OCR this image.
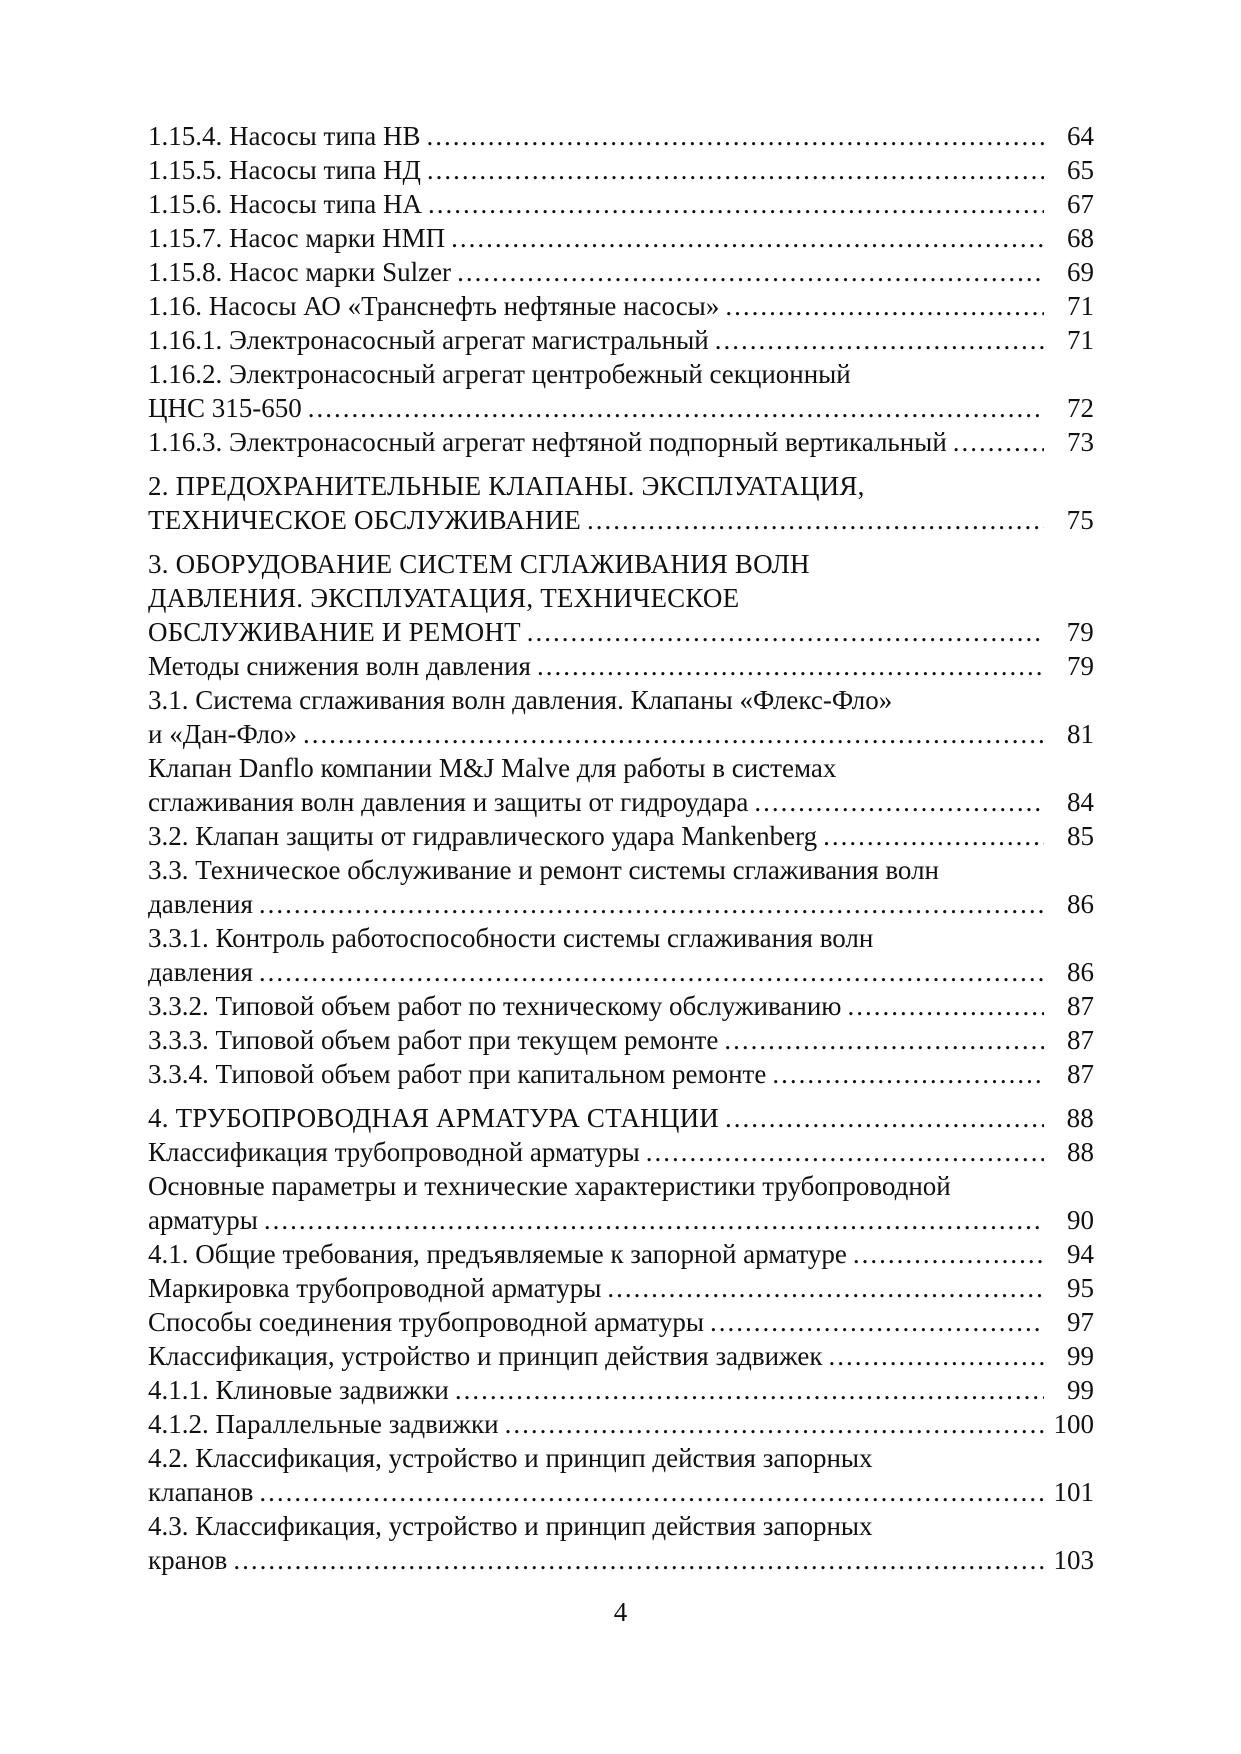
1.15.4. Насосы типа НВ .....	64
1.15.5. Насосы типа НД .....	65
1.15.6. Насосы типа НА .....	67
1.15.7. Насос марки НМП .....	68
1.15.8. Насос марки Sulzer .....	69
1.16. Насосы АО «Транснефть нефтяные насосы» .....	71
1.16.1. Электронасосный агрегат магистральный .....	71
1.16.2. Электронасосный агрегат центробежный секционный
ЦНС 315-650 .....	72
1.16.3. Электронасосный агрегат нефтяной подпорный вертикальный .....	73
2. ПРЕДОХРАНИТЕЛЬНЫЕ КЛАПАНЫ. ЭКСПЛУАТАЦИЯ,
ТЕХНИЧЕСКОЕ ОБСЛУЖИВАНИЕ .....	75
3. ОБОРУДОВАНИЕ СИСТЕМ СГЛАЖИВАНИЯ ВОЛН
ДАВЛЕНИЯ. ЭКСПЛУАТАЦИЯ, ТЕХНИЧЕСКОЕ
ОБСЛУЖИВАНИЕ И РЕМОНТ .....	79
Методы снижения волн давления .....	79
3.1. Система сглаживания волн давления. Клапаны «Флекс-Фло»
и «Дан-Фло» .....	81
Клапан Danflo компании M&J Malve для работы в системах
сглаживания волн давления и защиты от гидроудара .....	84
3.2. Клапан защиты от гидравлического удара Mankenberg .....	85
3.3. Техническое обслуживание и ремонт системы сглаживания волн
давления .....	86
3.3.1. Контроль работоспособности системы сглаживания волн
давления .....	86
3.3.2. Типовой объем работ по техническому обслуживанию .....	87
3.3.3. Типовой объем работ при текущем ремонте .....	87
3.3.4. Типовой объем работ при капитальном ремонте .....	87
4. ТРУБОПРОВОДНАЯ АРМАТУРА СТАНЦИИ .....	88
Классификация трубопроводной арматуры .....	88
Основные параметры и технические характеристики трубопроводной
арматуры .....	90
4.1. Общие требования, предъявляемые к запорной арматуре .....	94
Маркировка трубопроводной арматуры .....	95
Способы соединения трубопроводной арматуры .....	97
Классификация, устройство и принцип действия задвижек .....	99
4.1.1. Клиновые задвижки .....	99
4.1.2. Параллельные задвижки .....	100
4.2. Классификация, устройство и принцип действия запорных
клапанов .....	101
4.3. Классификация, устройство и принцип действия запорных
кранов .....	103
4
